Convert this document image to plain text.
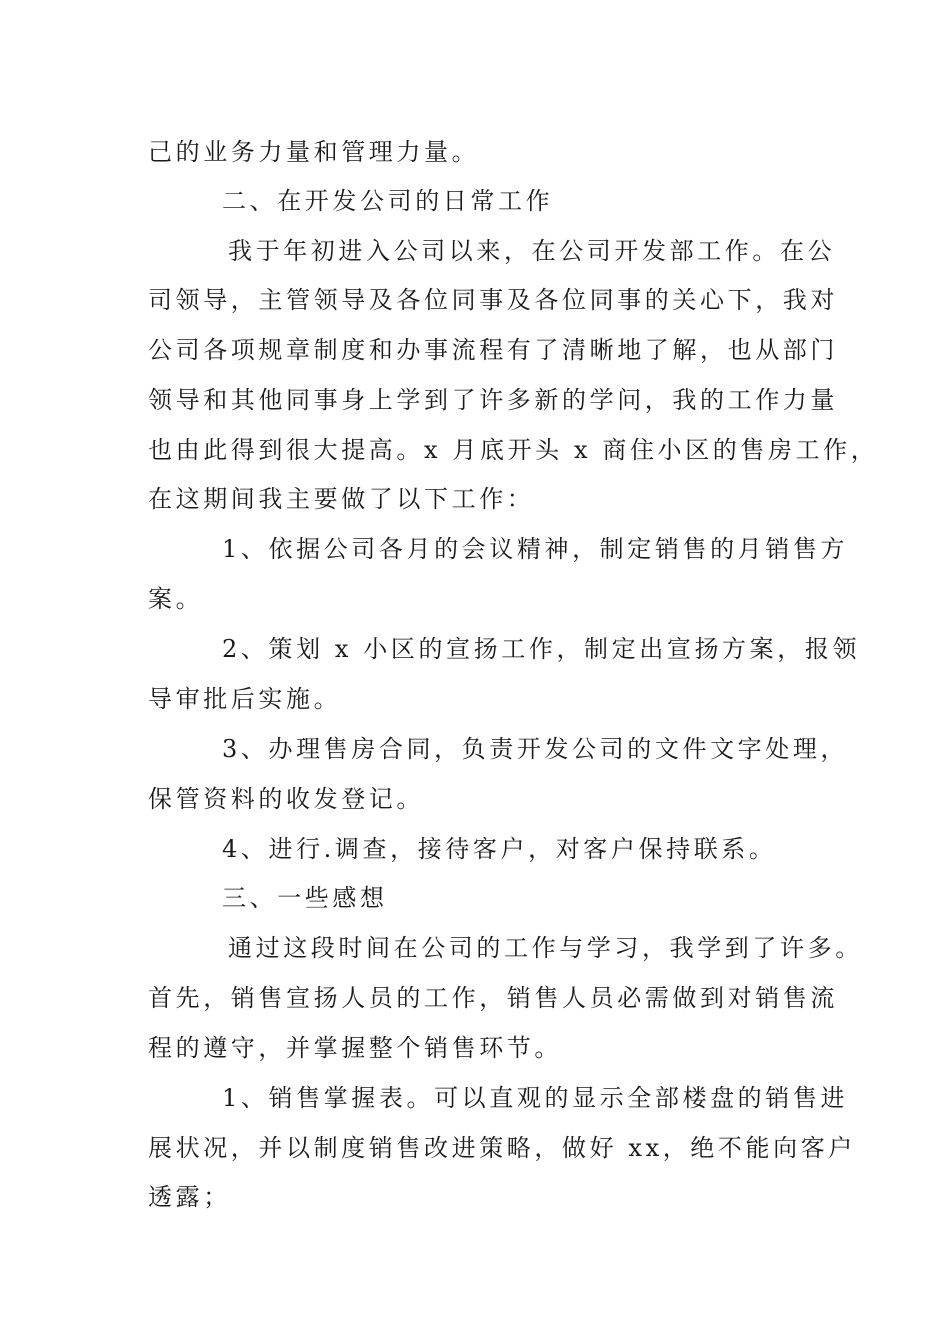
己的业务力量和管理力量。
二、在开发公司的日常工作
我于年初进入公司以来，在公司开发部工作。在公
司领导，主管领导及各位同事及各位同事的关心下，我对
公司各项规章制度和办事流程有了清晰地了解，也从部门
领导和其他同事身上学到了许多新的学问，我的工作力量
也由此得到很大提高。x 月底开头 x 商住小区的售房工作，
在这期间我主要做了以下工作：
1、依据公司各月的会议精神，制定销售的月销售方
案。
2、策划 x 小区的宣扬工作，制定出宣扬方案，报领
导审批后实施。
3、办理售房合同，负责开发公司的文件文字处理，
保管资料的收发登记。
4、进行.调查，接待客户，对客户保持联系。
三、一些感想
通过这段时间在公司的工作与学习，我学到了许多。
首先，销售宣扬人员的工作，销售人员必需做到对销售流
程的遵守，并掌握整个销售环节。
1、销售掌握表。可以直观的显示全部楼盘的销售进
展状况，并以制度销售改进策略，做好 xx，绝不能向客户
透露；
